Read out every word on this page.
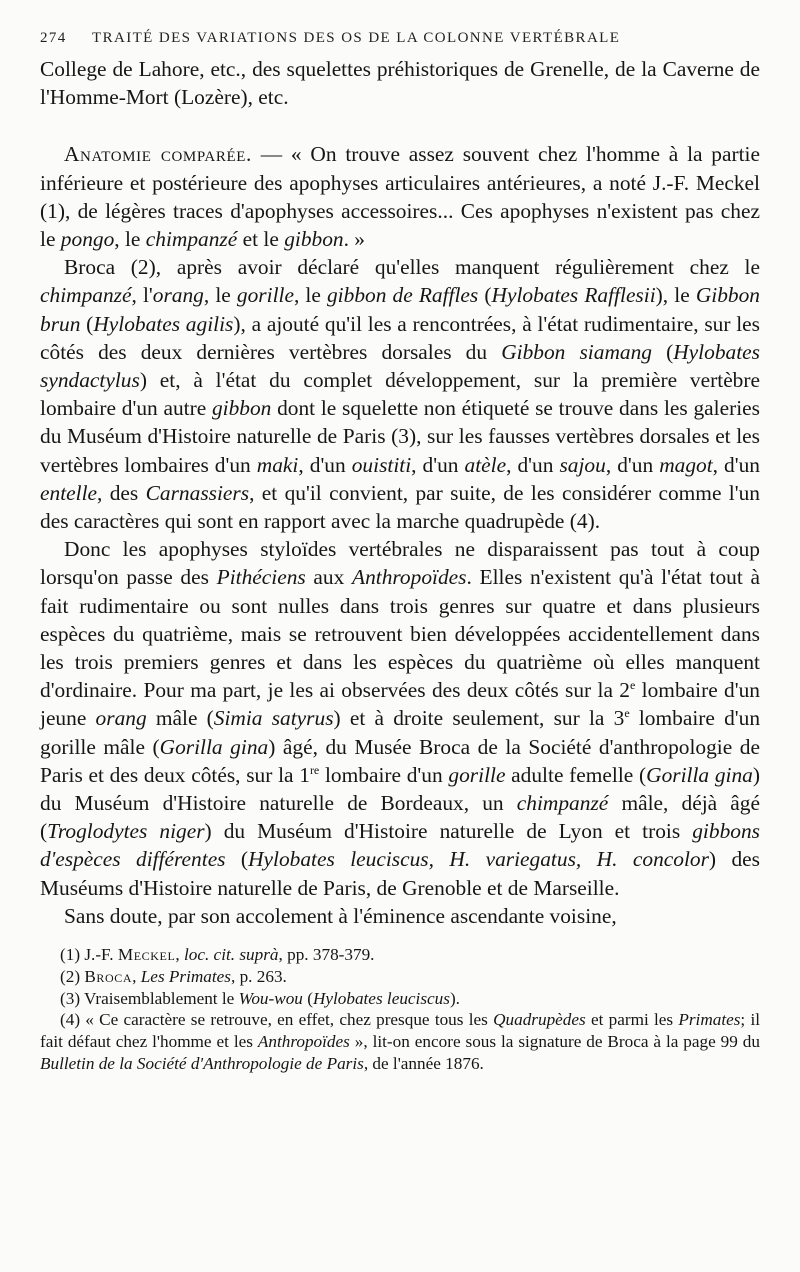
274	TRAITÉ DES VARIATIONS DES OS DE LA COLONNE VERTÉBRALE

College de Lahore, etc., des squelettes préhistoriques de Grenelle, de la Caverne de l'Homme-Mort (Lozère), etc.

Anatomie comparée. — « On trouve assez souvent chez l'homme à la partie inférieure et postérieure des apophyses articulaires antérieures, a noté J.-F. Meckel (1), de légères traces d'apophyses accessoires... Ces apophyses n'existent pas chez le pongo, le chimpanzé et le gibbon. »

Broca (2), après avoir déclaré qu'elles manquent régulièrement chez le chimpanzé, l'orang, le gorille, le gibbon de Raffles (Hylobates Rafflesii), le Gibbon brun (Hylobates agilis), a ajouté qu'il les a rencontrées, à l'état rudimentaire, sur les côtés des deux dernières vertèbres dorsales du Gibbon siamang (Hylobates syndactylus) et, à l'état du complet développement, sur la première vertèbre lombaire d'un autre gibbon dont le squelette non étiqueté se trouve dans les galeries du Muséum d'Histoire naturelle de Paris (3), sur les fausses vertèbres dorsales et les vertèbres lombaires d'un maki, d'un ouistiti, d'un atèle, d'un sajou, d'un magot, d'un entelle, des Carnassiers, et qu'il convient, par suite, de les considérer comme l'un des caractères qui sont en rapport avec la marche quadrupède (4).

Donc les apophyses styloïdes vertébrales ne disparaissent pas tout à coup lorsqu'on passe des Pithéciens aux Anthropoïdes. Elles n'existent qu'à l'état tout à fait rudimentaire ou sont nulles dans trois genres sur quatre et dans plusieurs espèces du quatrième, mais se retrouvent bien développées accidentellement dans les trois premiers genres et dans les espèces du quatrième où elles manquent d'ordinaire. Pour ma part, je les ai observées des deux côtés sur la 2e lombaire d'un jeune orang mâle (Simia satyrus) et à droite seulement, sur la 3e lombaire d'un gorille mâle (Gorilla gina) âgé, du Musée Broca de la Société d'anthropologie de Paris et des deux côtés, sur la 1re lombaire d'un gorille adulte femelle (Gorilla gina) du Muséum d'Histoire naturelle de Bordeaux, un chimpanzé mâle, déjà âgé (Troglodytes niger) du Muséum d'Histoire naturelle de Lyon et trois gibbons d'espèces différentes (Hylobates leuciscus, H. variegatus, H. concolor) des Muséums d'Histoire naturelle de Paris, de Grenoble et de Marseille.

Sans doute, par son accolement à l'éminence ascendante voisine,

(1) J.-F. Meckel, loc. cit. suprà, pp. 378-379.

(2) Broca, Les Primates, p. 263.

(3) Vraisemblablement le Wou-wou (Hylobates leuciscus).

(4) « Ce caractère se retrouve, en effet, chez presque tous les Quadrupèdes et parmi les Primates; il fait défaut chez l'homme et les Anthropoïdes », lit-on encore sous la signature de Broca à la page 99 du Bulletin de la Société d'Anthropologie de Paris, de l'année 1876.
